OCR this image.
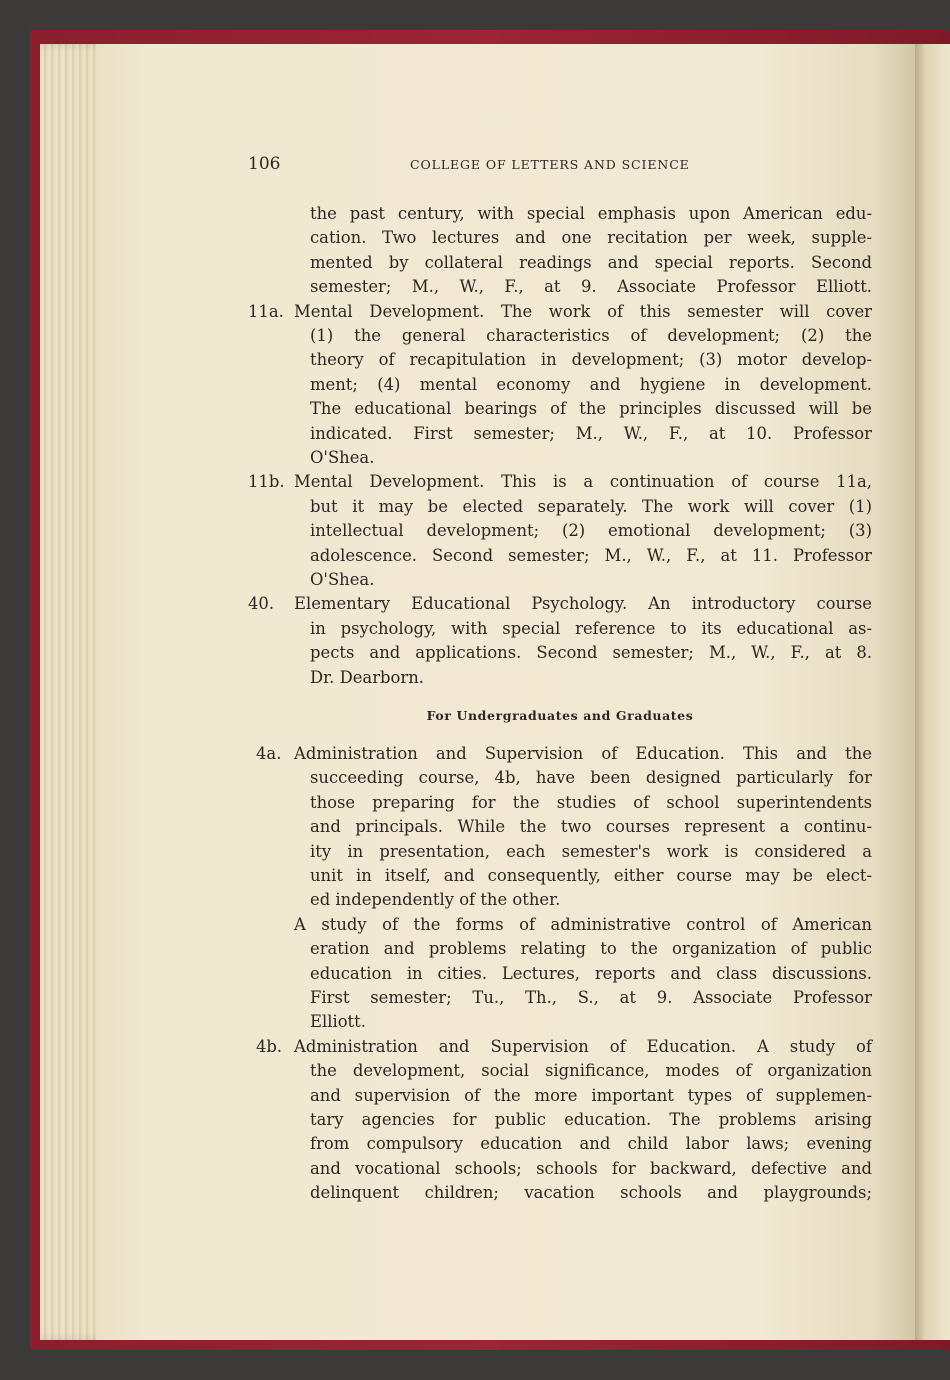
106	COLLEGE OF LETTERS AND SCIENCE
the past century, with special emphasis upon American edu-
cation. Two lectures and one recitation per week, supple-
mented by collateral readings and special reports. Second
semester; M., W., F., at 9. Associate Professor Elliott.
11a. Mental Development. The work of this semester will cover
(1) the general characteristics of development; (2) the
theory of recapitulation in development; (3) motor develop-
ment; (4) mental economy and hygiene in development.
The educational bearings of the principles discussed will be
indicated. First semester; M., W., F., at 10. Professor
O'Shea.
11b. Mental Development. This is a continuation of course 11a,
but it may be elected separately. The work will cover (1)
intellectual development; (2) emotional development; (3)
adolescence. Second semester; M., W., F., at 11. Professor
O'Shea.
40. Elementary Educational Psychology. An introductory course
in psychology, with special reference to its educational as-
pects and applications. Second semester; M., W., F., at 8.
Dr. Dearborn.
For Undergraduates and Graduates
4a. Administration and Supervision of Education. This and the
succeeding course, 4b, have been designed particularly for
those preparing for the studies of school superintendents
and principals. While the two courses represent a continu-
ity in presentation, each semester's work is considered a
unit in itself, and consequently, either course may be elect-
ed independently of the other.
A study of the forms of administrative control of American
eration and problems relating to the organization of public
education in cities. Lectures, reports and class discussions.
First semester; Tu., Th., S., at 9. Associate Professor
Elliott.
4b. Administration and Supervision of Education. A study of
the development, social significance, modes of organization
and supervision of the more important types of supplemen-
tary agencies for public education. The problems arising
from compulsory education and child labor laws; evening
and vocational schools; schools for backward, defective and
delinquent children; vacation schools and playgrounds;
